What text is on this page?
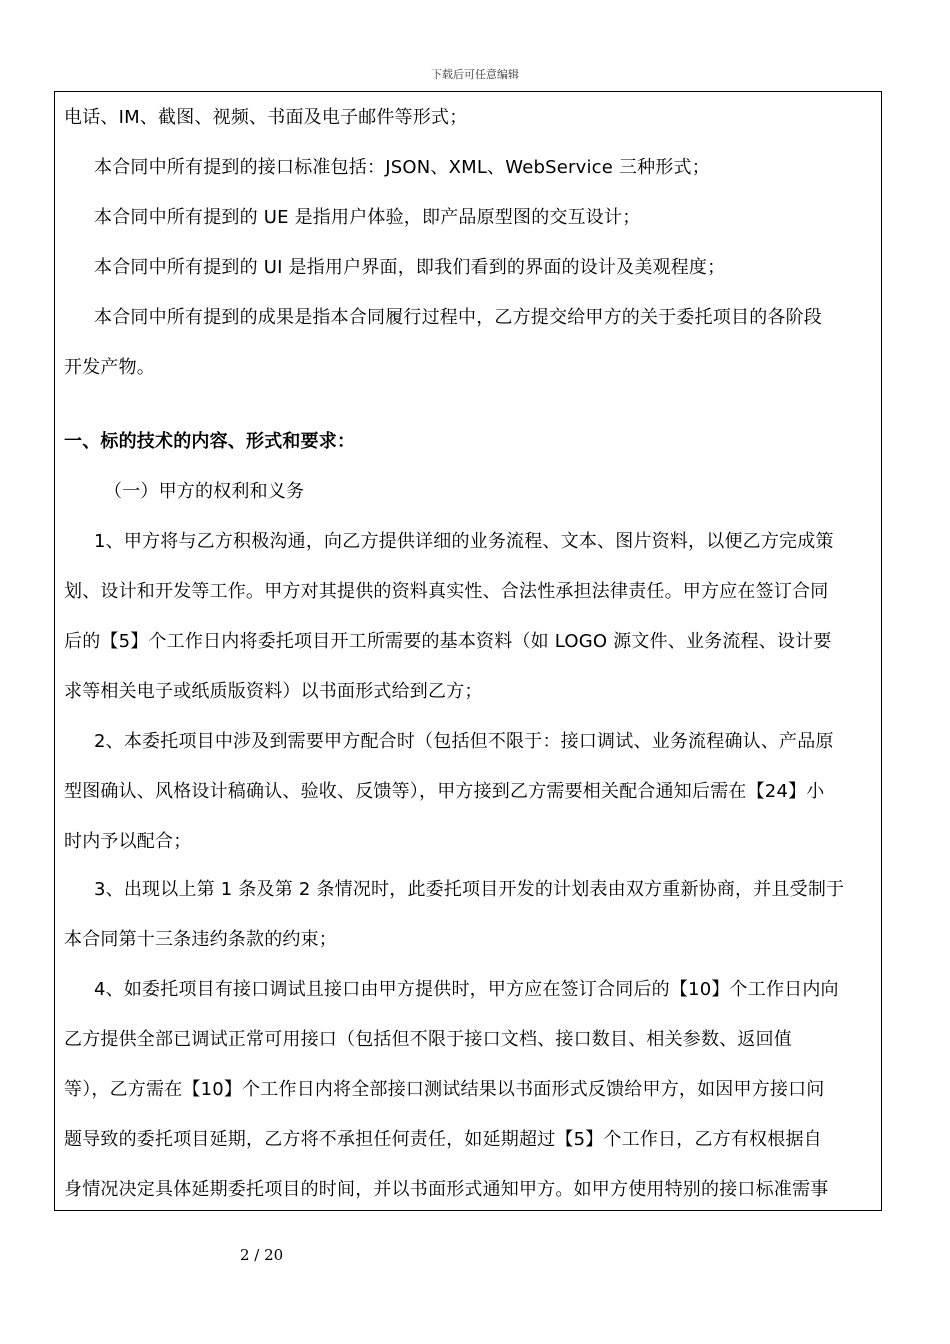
下载后可任意编辑
电话、IM、截图、视频、书面及电子邮件等形式；
本合同中所有提到的接口标准包括：JSON、XML、WebService 三种形式；
本合同中所有提到的 UE 是指用户体验，即产品原型图的交互设计；
本合同中所有提到的 UI 是指用户界面，即我们看到的界面的设计及美观程度；
本合同中所有提到的成果是指本合同履行过程中，乙方提交给甲方的关于委托项目的各阶段
开发产物。
一、标的技术的内容、形式和要求：
（一）甲方的权利和义务
1、甲方将与乙方积极沟通，向乙方提供详细的业务流程、文本、图片资料，以便乙方完成策
划、设计和开发等工作。甲方对其提供的资料真实性、合法性承担法律责任。甲方应在签订合同
后的【5】个工作日内将委托项目开工所需要的基本资料（如 LOGO 源文件、业务流程、设计要
求等相关电子或纸质版资料）以书面形式给到乙方；
2、本委托项目中涉及到需要甲方配合时（包括但不限于：接口调试、业务流程确认、产品原
型图确认、风格设计稿确认、验收、反馈等），甲方接到乙方需要相关配合通知后需在【24】小
时内予以配合；
3、出现以上第 1 条及第 2 条情况时，此委托项目开发的计划表由双方重新协商，并且受制于
本合同第十三条违约条款的约束；
4、如委托项目有接口调试且接口由甲方提供时，甲方应在签订合同后的【10】个工作日内向
乙方提供全部已调试正常可用接口（包括但不限于接口文档、接口数目、相关参数、返回值
等），乙方需在【10】个工作日内将全部接口测试结果以书面形式反馈给甲方，如因甲方接口问
题导致的委托项目延期，乙方将不承担任何责任，如延期超过【5】个工作日，乙方有权根据自
身情况决定具体延期委托项目的时间，并以书面形式通知甲方。如甲方使用特别的接口标准需事
2 / 20
